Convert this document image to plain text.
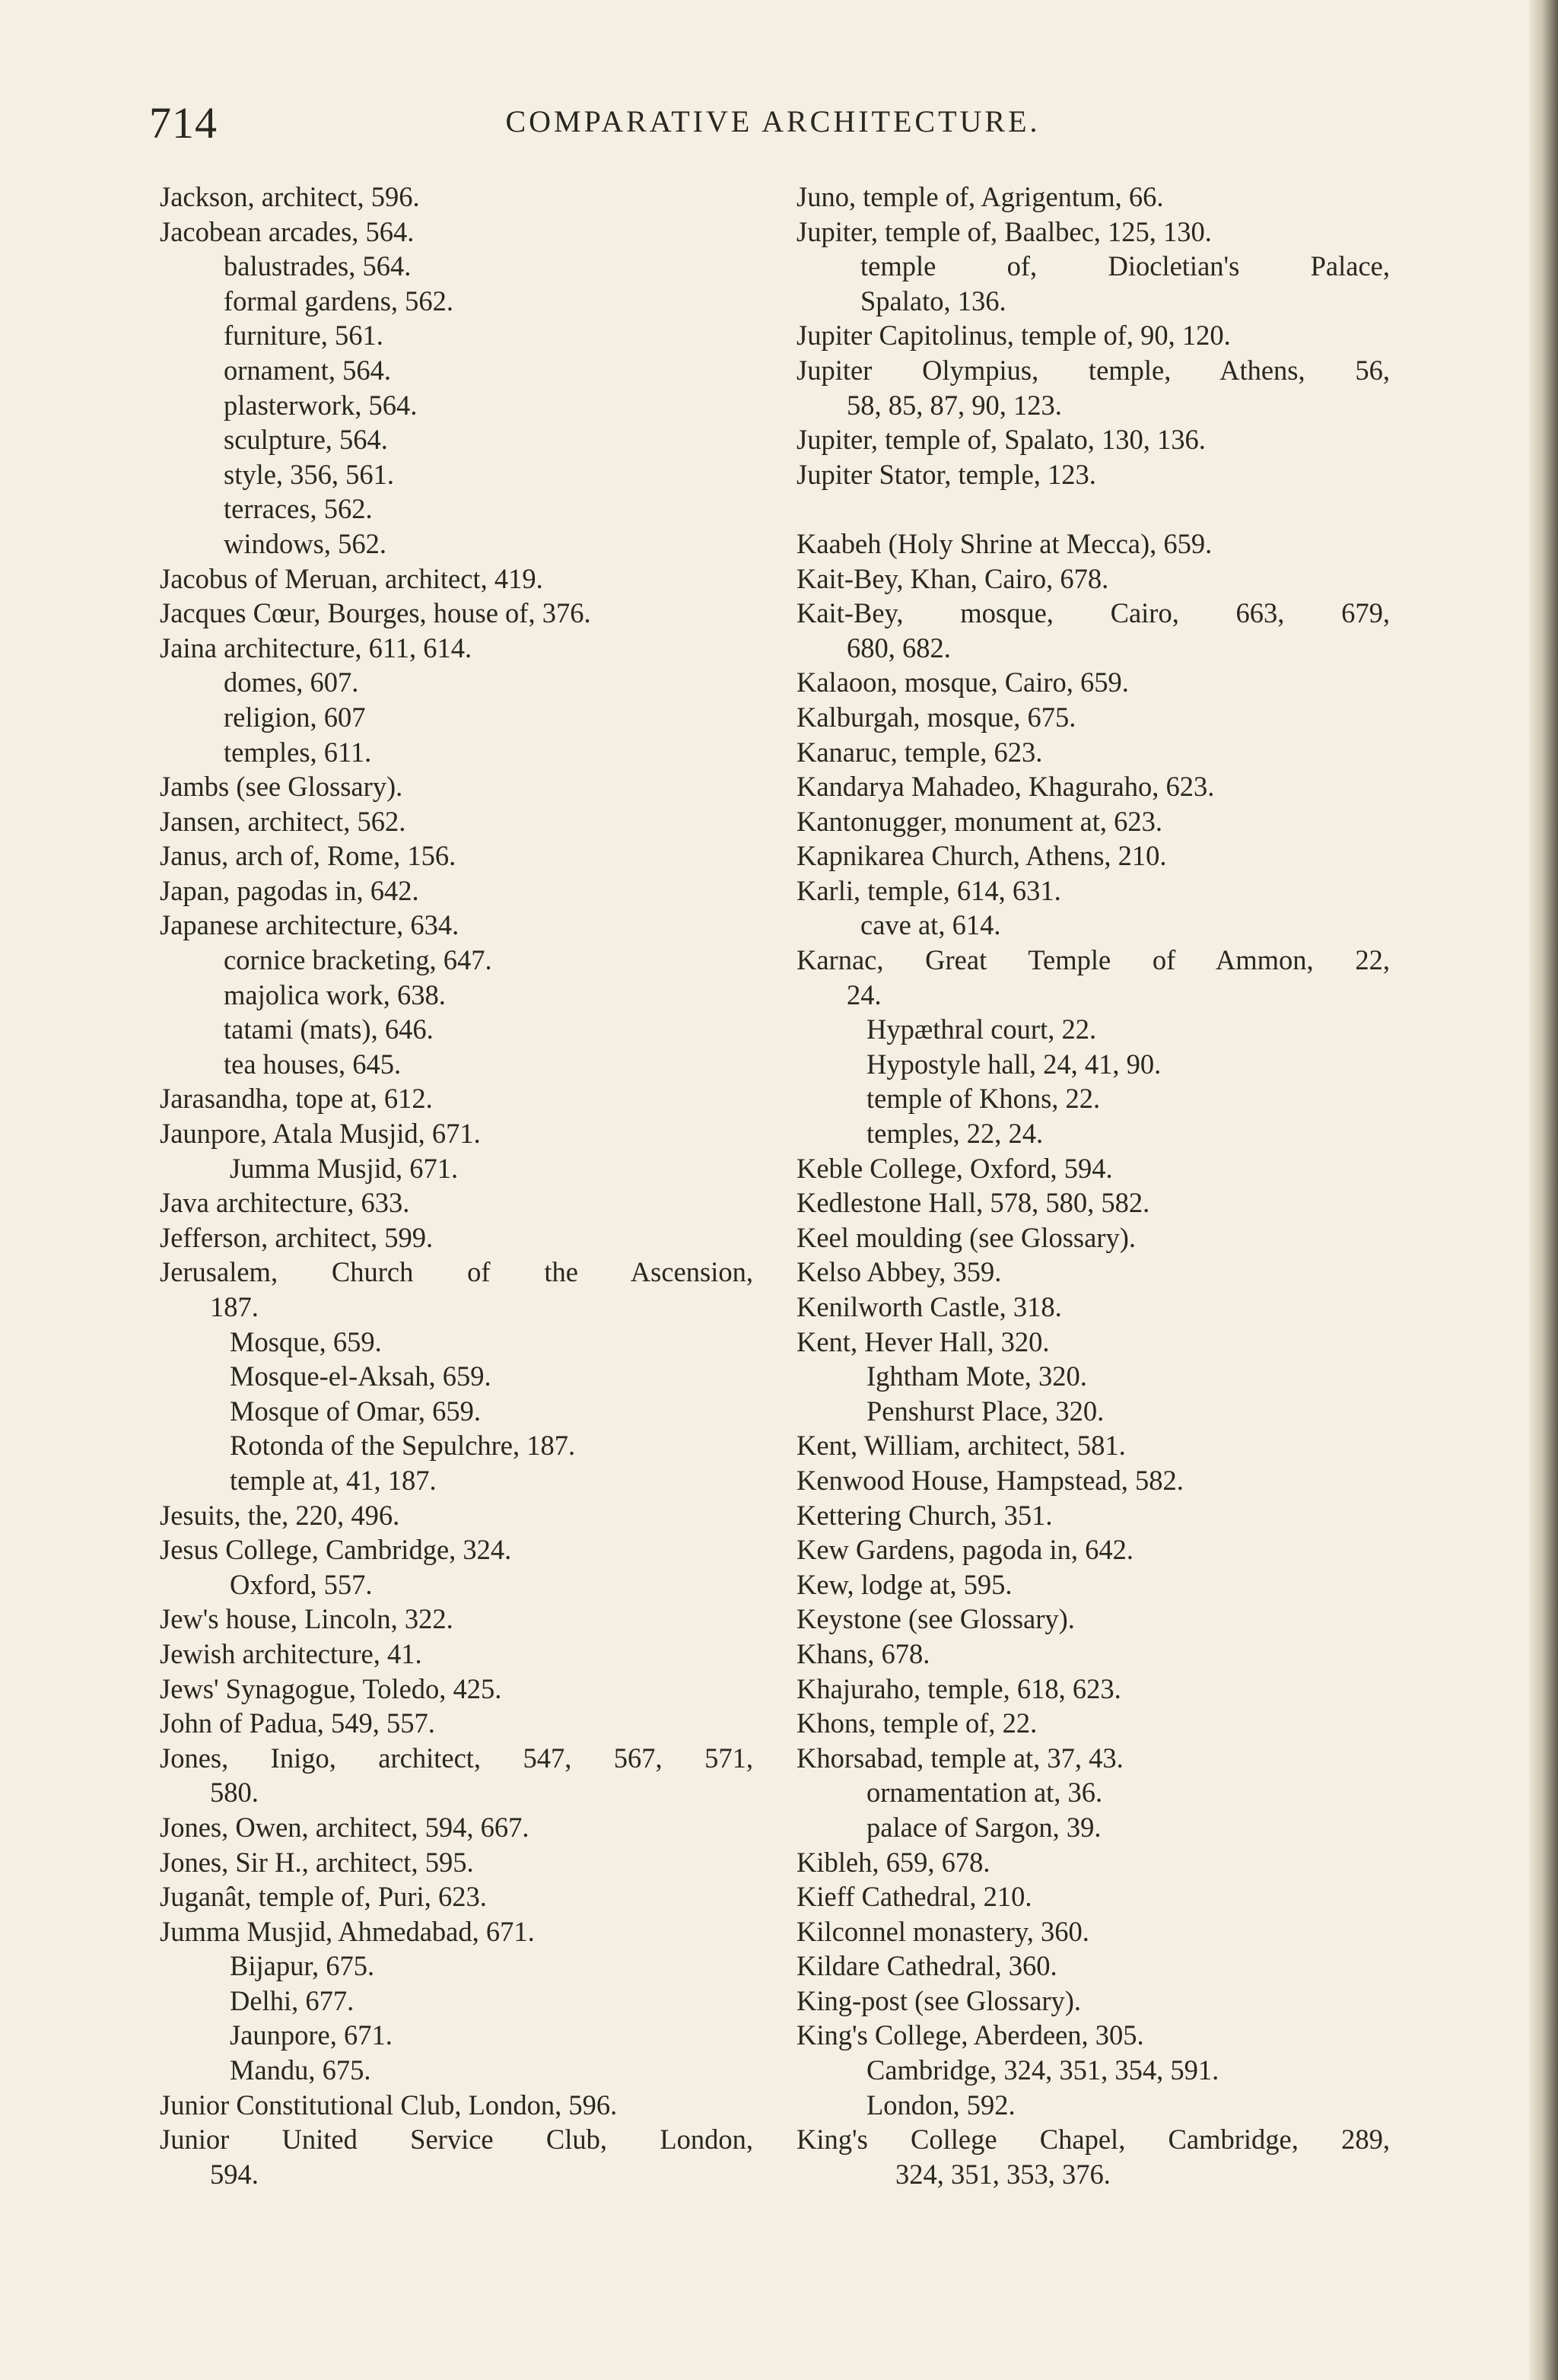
714	COMPARATIVE ARCHITECTURE.
Jackson, architect, 596.
Jacobean arcades, 564.
balustrades, 564.
formal gardens, 562.
furniture, 561.
ornament, 564.
plasterwork, 564.
sculpture, 564.
style, 356, 561.
terraces, 562.
windows, 562.
Jacobus of Meruan, architect, 419.
Jacques Cœur, Bourges, house of, 376.
Jaina architecture, 611, 614.
domes, 607.
religion, 607
temples, 611.
Jambs (see Glossary).
Jansen, architect, 562.
Janus, arch of, Rome, 156.
Japan, pagodas in, 642.
Japanese architecture, 634.
cornice bracketing, 647.
majolica work, 638.
tatami (mats), 646.
tea houses, 645.
Jarasandha, tope at, 612.
Jaunpore, Atala Musjid, 671.
Jumma Musjid, 671.
Java architecture, 633.
Jefferson, architect, 599.
Jerusalem, Church of the Ascension,
187.
Mosque, 659.
Mosque-el-Aksah, 659.
Mosque of Omar, 659.
Rotonda of the Sepulchre, 187.
temple at, 41, 187.
Jesuits, the, 220, 496.
Jesus College, Cambridge, 324.
Oxford, 557.
Jew's house, Lincoln, 322.
Jewish architecture, 41.
Jews' Synagogue, Toledo, 425.
John of Padua, 549, 557.
Jones, Inigo, architect, 547, 567, 571,
580.
Jones, Owen, architect, 594, 667.
Jones, Sir H., architect, 595.
Juganât, temple of, Puri, 623.
Jumma Musjid, Ahmedabad, 671.
Bijapur, 675.
Delhi, 677.
Jaunpore, 671.
Mandu, 675.
Junior Constitutional Club, London, 596.
Junior United Service Club, London,
594.
Juno, temple of, Agrigentum, 66.
Jupiter, temple of, Baalbec, 125, 130.
temple of, Diocletian's Palace,
Spalato, 136.
Jupiter Capitolinus, temple of, 90, 120.
Jupiter Olympius, temple, Athens, 56,
58, 85, 87, 90, 123.
Jupiter, temple of, Spalato, 130, 136.
Jupiter Stator, temple, 123.
Kaabeh (Holy Shrine at Mecca), 659.
Kait-Bey, Khan, Cairo, 678.
Kait-Bey, mosque, Cairo, 663, 679,
680, 682.
Kalaoon, mosque, Cairo, 659.
Kalburgah, mosque, 675.
Kanaruc, temple, 623.
Kandarya Mahadeo, Khaguraho, 623.
Kantonugger, monument at, 623.
Kapnikarea Church, Athens, 210.
Karli, temple, 614, 631.
cave at, 614.
Karnac, Great Temple of Ammon, 22,
24.
Hypæthral court, 22.
Hypostyle hall, 24, 41, 90.
temple of Khons, 22.
temples, 22, 24.
Keble College, Oxford, 594.
Kedlestone Hall, 578, 580, 582.
Keel moulding (see Glossary).
Kelso Abbey, 359.
Kenilworth Castle, 318.
Kent, Hever Hall, 320.
Ightham Mote, 320.
Penshurst Place, 320.
Kent, William, architect, 581.
Kenwood House, Hampstead, 582.
Kettering Church, 351.
Kew Gardens, pagoda in, 642.
Kew, lodge at, 595.
Keystone (see Glossary).
Khans, 678.
Khajuraho, temple, 618, 623.
Khons, temple of, 22.
Khorsabad, temple at, 37, 43.
ornamentation at, 36.
palace of Sargon, 39.
Kibleh, 659, 678.
Kieff Cathedral, 210.
Kilconnel monastery, 360.
Kildare Cathedral, 360.
King-post (see Glossary).
King's College, Aberdeen, 305.
Cambridge, 324, 351, 354, 591.
London, 592.
King's College Chapel, Cambridge, 289,
324, 351, 353, 376.
